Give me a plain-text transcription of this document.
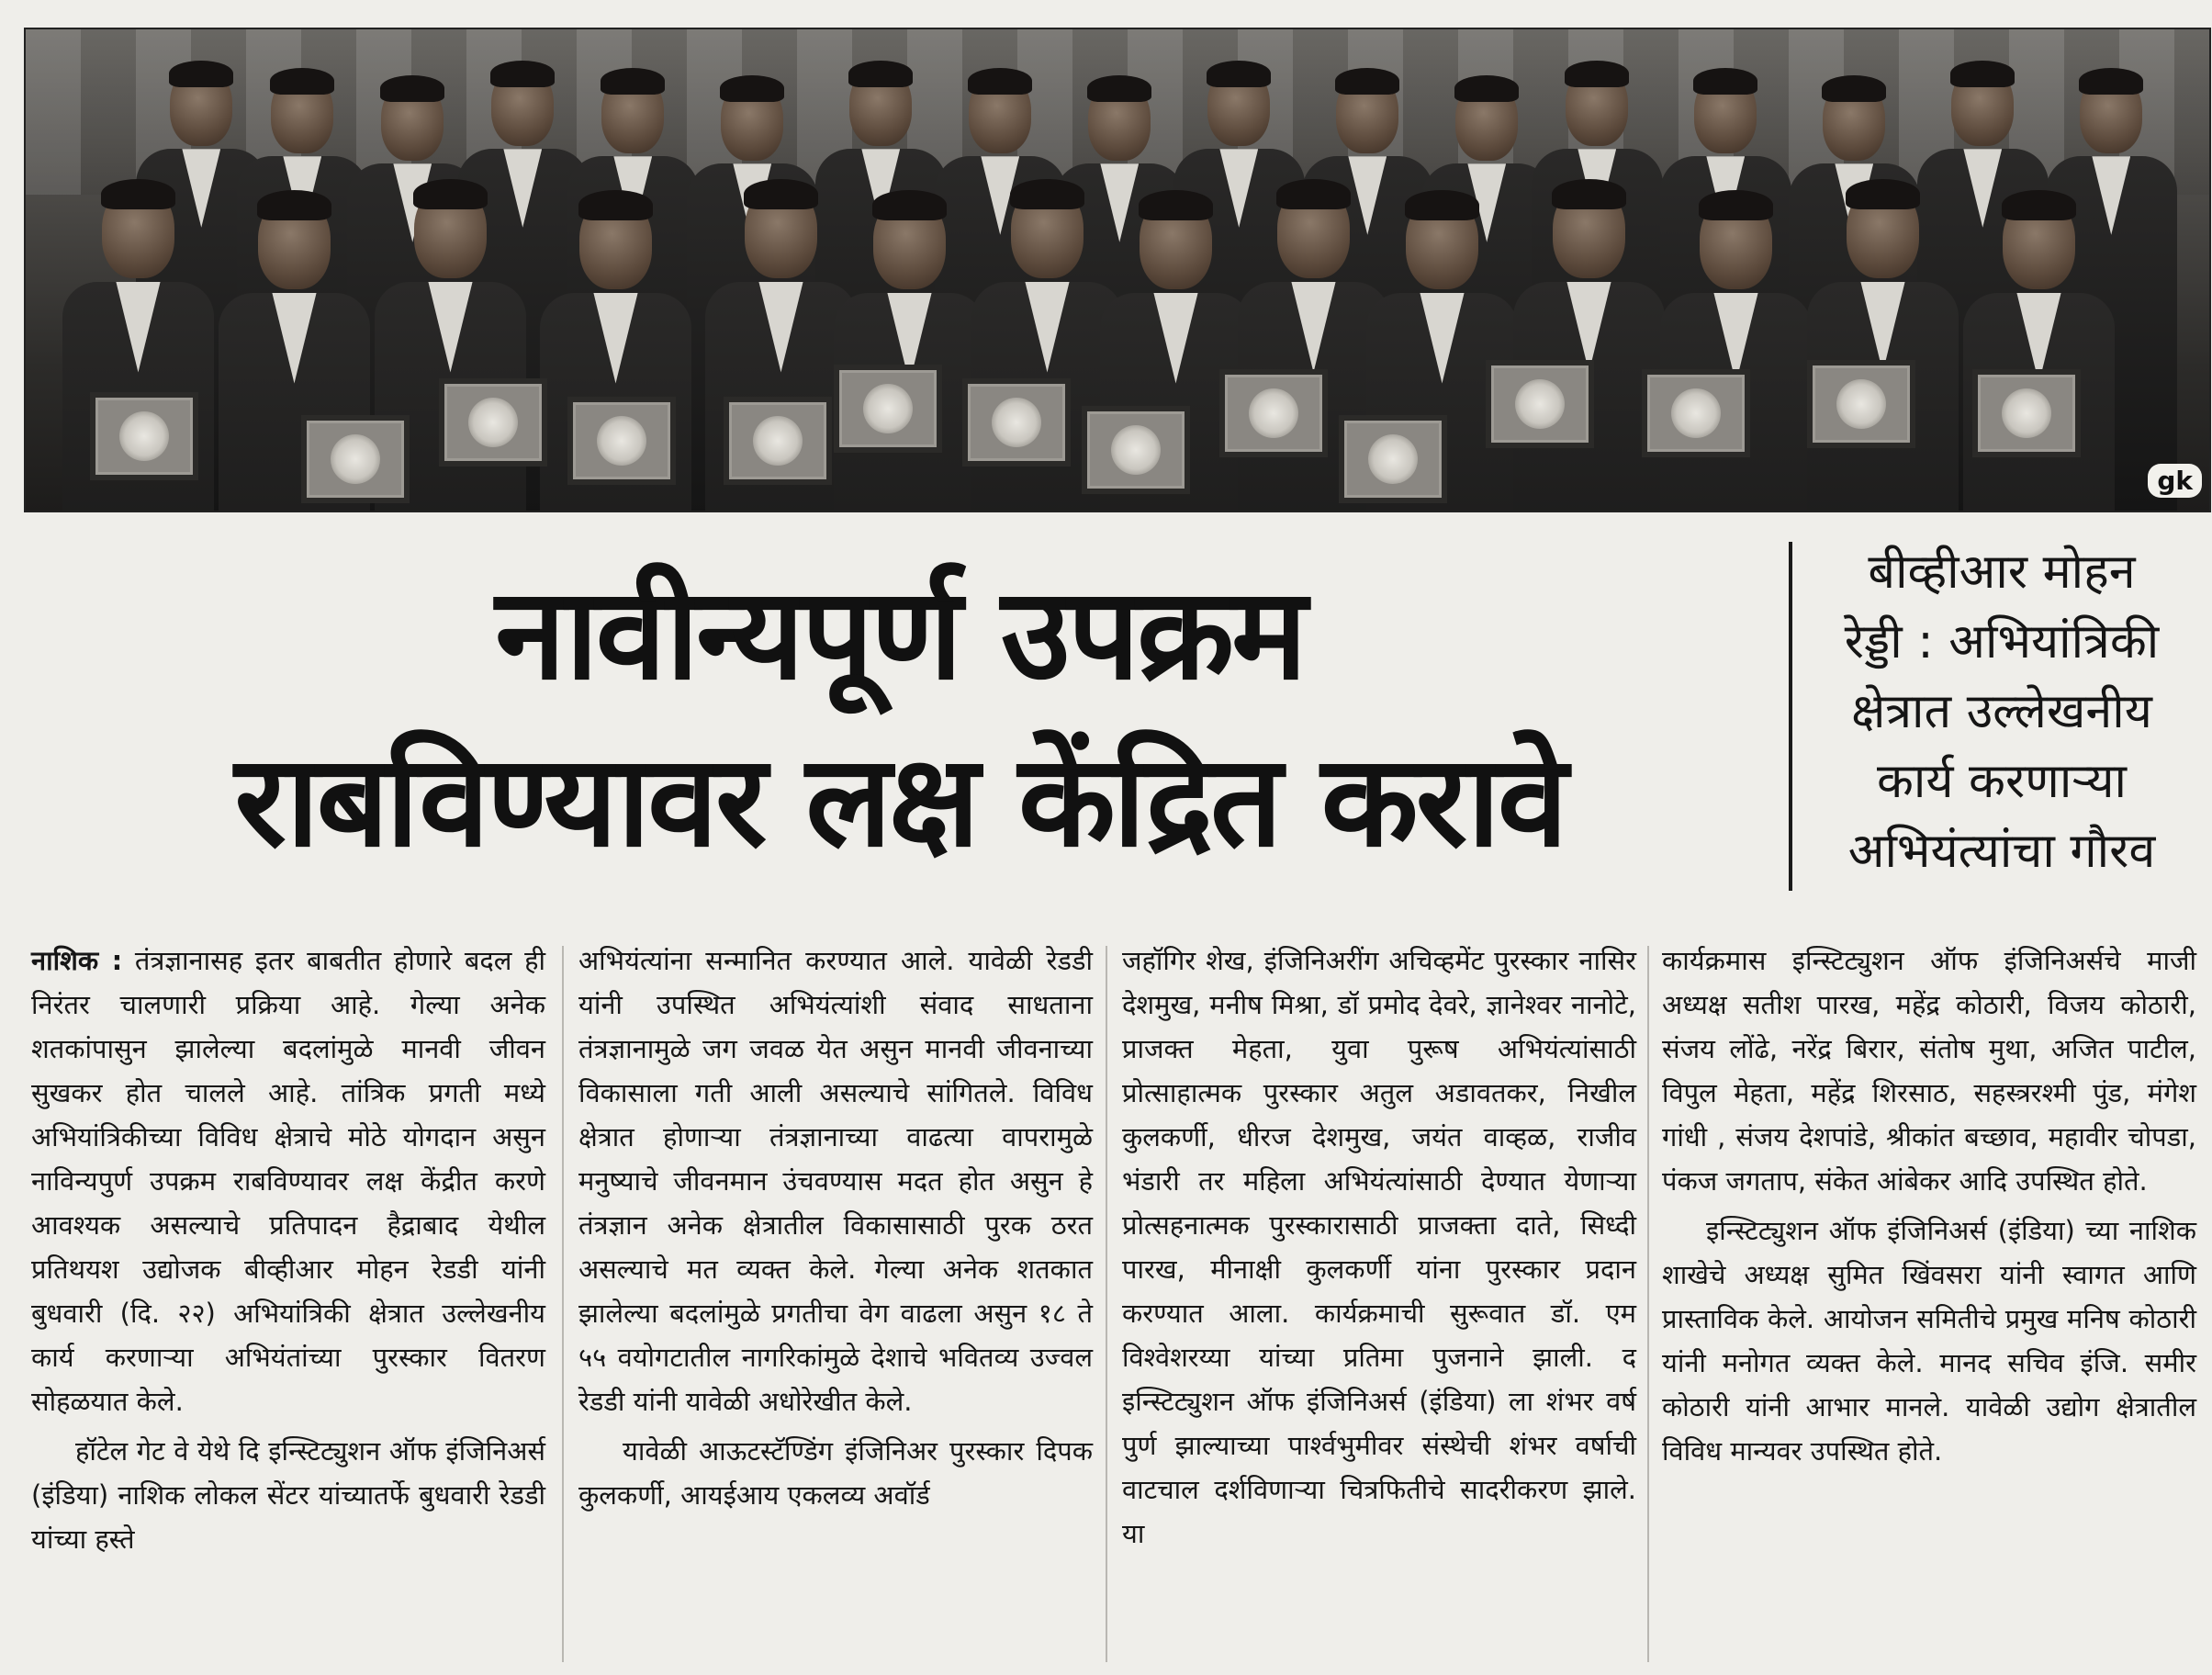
gk
नावीन्यपूर्ण उपक्रम
राबविण्यावर लक्ष केंद्रित करावे
बीव्हीआर मोहन
रेड्डी : अभियांत्रिकी
क्षेत्रात उल्लेखनीय
कार्य करणाऱ्या
अभियंत्यांचा गौरव

नाशिक : तंत्रज्ञानासह इतर बाबतीत होणारे बदल ही निरंतर चालणारी प्रक्रिया आहे. गेल्या अनेक शतकांपासुन झालेल्या बदलांमुळे मानवी जीवन सुखकर होत चालले आहे. तांत्रिक प्रगती मध्ये अभियांत्रिकीच्या विविध क्षेत्राचे मोठे योगदान असुन नाविन्यपुर्ण उपक्रम राबविण्यावर लक्ष केंद्रीत करणे आवश्यक असल्याचे प्रतिपादन हैद्राबाद येथील प्रतिथयश उद्योजक बीव्हीआर मोहन रेडडी यांनी बुधवारी (दि. २२) अभियांत्रिकी क्षेत्रात उल्लेखनीय कार्य करणाऱ्या अभियंतांच्या पुरस्कार वितरण सोहळयात केले.

हॉटेल गेट वे येथे दि इन्स्टिट्युशन ऑफ इंजिनिअर्स (इंडिया) नाशिक लोकल सेंटर यांच्यातर्फे बुधवारी रेडडी यांच्या हस्ते

अभियंत्यांना सन्मानित करण्यात आले. यावेळी रेडडी यांनी उपस्थित अभियंत्यांशी संवाद साधताना तंत्रज्ञानामुळे जग जवळ येत असुन मानवी जीवनाच्या विकासाला गती आली असल्याचे सांगितले. विविध क्षेत्रात होणाऱ्या तंत्रज्ञानाच्या वाढत्या वापरामुळे मनुष्याचे जीवनमान उंचवण्यास मदत होत असुन हे तंत्रज्ञान अनेक क्षेत्रातील विकासासाठी पुरक ठरत असल्याचे मत व्यक्त केले. गेल्या अनेक शतकात झालेल्या बदलांमुळे प्रगतीचा वेग वाढला असुन १८ ते ५५ वयोगटातील नागरिकांमुळे देशाचे भवितव्य उज्वल रेडडी यांनी यावेळी अधोरेखीत केले.

यावेळी आऊटस्टॅण्डिंग इंजिनिअर पुरस्कार दिपक कुलकर्णी, आयईआय एकलव्य अवॉर्ड

जहॉगिर शेख, इंजिनिअरींग अचिव्हमेंट पुरस्कार नासिर देशमुख, मनीष मिश्रा, डॉ प्रमोद देवरे, ज्ञानेश्वर नानोटे, प्राजक्त मेहता, युवा पुरूष अभियंत्यांसाठी प्रोत्साहात्मक पुरस्कार अतुल अडावतकर, निखील कुलकर्णी, धीरज देशमुख, जयंत वाव्हळ, राजीव भंडारी तर महिला अभियंत्यांसाठी देण्यात येणाऱ्या प्रोत्सहनात्मक पुरस्कारासाठी प्राजक्ता दाते, सिध्दी पारख, मीनाक्षी कुलकर्णी यांना पुरस्कार प्रदान करण्यात आला. कार्यक्रमाची सुरूवात डॉ. एम विश्वेशरय्या यांच्या प्रतिमा पुजनाने झाली. द इन्स्टिट्युशन ऑफ इंजिनिअर्स (इंडिया) ला शंभर वर्ष पुर्ण झाल्याच्या पार्श्वभुमीवर संस्थेची शंभर वर्षाची वाटचाल दर्शविणाऱ्या चित्रफितीचे सादरीकरण झाले. या

कार्यक्रमास इन्स्टिट्युशन ऑफ इंजिनिअर्सचे माजी अध्यक्ष सतीश पारख, महेंद्र कोठारी, विजय कोठारी, संजय लोंढे, नरेंद्र बिरार, संतोष मुथा, अजित पाटील, विपुल मेहता, महेंद्र शिरसाठ, सहस्त्ररश्मी पुंड, मंगेश गांधी , संजय देशपांडे, श्रीकांत बच्छाव, महावीर चोपडा, पंकज जगताप, संकेत आंबेकर आदि उपस्थित होते.

इन्स्टिट्युशन ऑफ इंजिनिअर्स (इंडिया) च्या नाशिक शाखेचे अध्यक्ष सुमित खिंवसरा यांनी स्वागत आणि प्रास्ताविक केले. आयोजन समितीचे प्रमुख मनिष कोठारी यांनी मनोगत व्यक्त केले. मानद सचिव इंजि. समीर कोठारी यांनी आभार मानले. यावेळी उद्योग क्षेत्रातील विविध मान्यवर उपस्थित होते.
